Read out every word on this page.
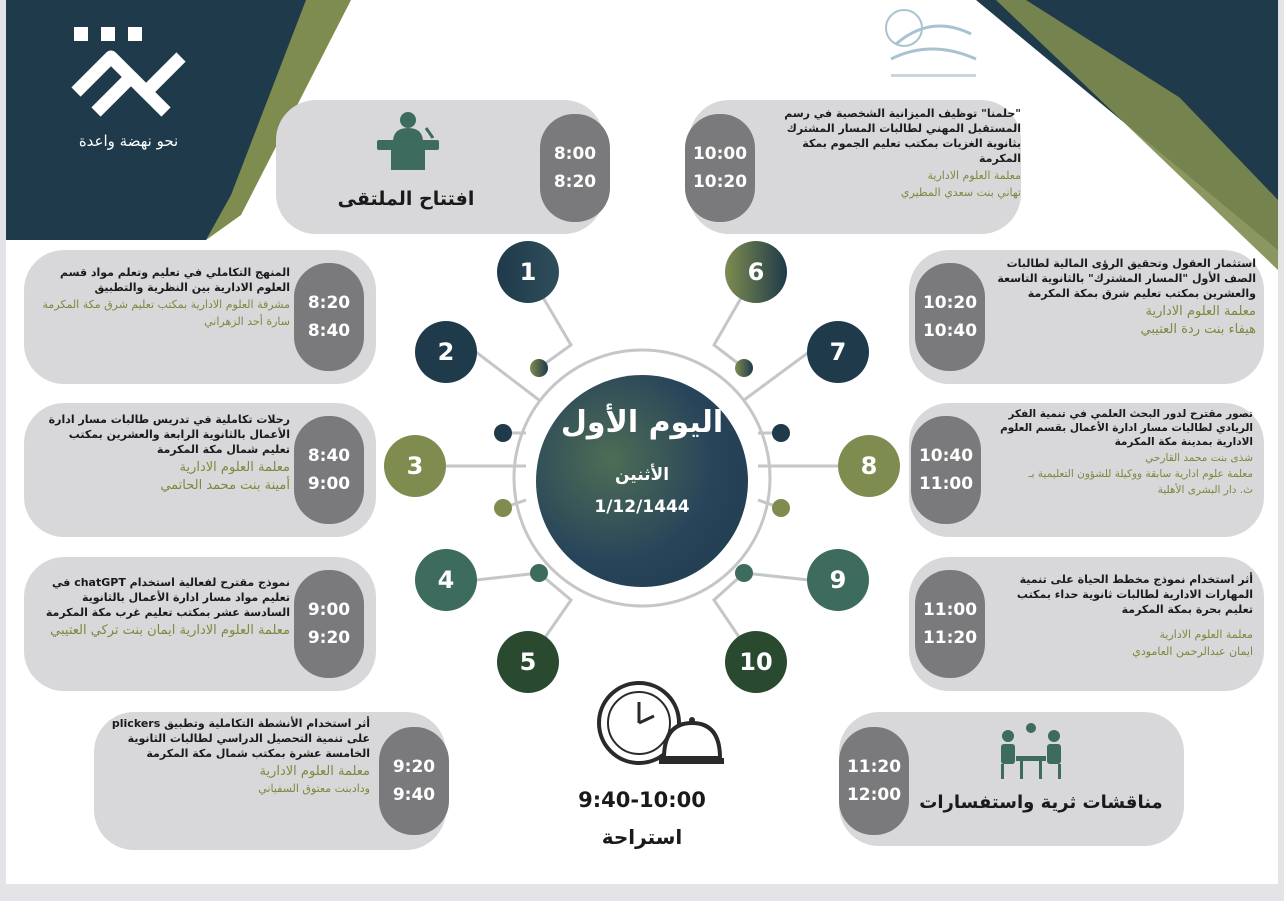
نحو نهضة واعدة
اليوم الأول
الأثنين
1/12/1444
1
2
3
4
5
6
7
8
9
10
افتتاح الملتقى
8:00
8:20
المنهج التكاملي في تعليم وتعلم مواد قسم العلوم الادارية بين النظرية والتطبيق
مشرفة العلوم الادارية بمكتب تعليم شرق مكة المكرمة
سارة أحد الزهراني
8:20
8:40
رحلات تكاملية في تدريس طالبات مسار ادارة الأعمال بالثانوية الرابعة والعشرين بمكتب تعليم شمال مكة المكرمة
معلمة العلوم الادارية
أمينة بنت محمد الحاتمي
8:40
9:00
نموذج مقترح لفعالية استخدام chatGPT في تعليم مواد مسار ادارة الأعمال بالثانوية السادسة عشر بمكتب تعليم غرب مكة المكرمة
معلمة العلوم الادارية ايمان بنت تركي العتيبي
9:00
9:20
أثر استخدام الأنشطة التكاملية وتطبيق plickers على تنمية التحصيل الدراسي لطالبات الثانوية الخامسة عشرة بمكتب شمال مكة المكرمة
معلمة العلوم الادارية
ودادبنت معتوق السفياني
9:20
9:40
"حلمنا" توظيف الميزانية الشخصية في رسم المستقبل المهني لطالبات المسار المشترك بثانوية الغزيات بمكتب تعليم الجموم بمكة المكرمة
معلمة العلوم الادارية
تهاني بنت سعدي المطيري
10:00
10:20
استثمار العقول وتحقيق الرؤى المالية لطالبات الصف الأول "المسار المشترك" بالثانوية التاسعة والعشرين بمكتب تعليم شرق بمكة المكرمة
معلمة العلوم الادارية
هيفاء بنت ردة العتيبي
10:20
10:40
تصور مقترح لدور البحث العلمي في تنمية الفكر الريادي لطالبات مسار ادارة الأعمال بقسم العلوم الادارية بمدينة مكة المكرمة
شذى بنت محمد القارحي
معلمة علوم ادارية سابقة ووكيلة للشؤون التعليمية بـ
ث. دار البشرى الأهلية
10:40
11:00
أثر استخدام نموذج مخطط الحياة على تنمية المهارات الادارية لطالبات ثانوية حداء بمكتب تعليم بحرة بمكة المكرمة
معلمة العلوم الادارية
ايمان عبدالرحمن العامودي
11:00
11:20
مناقشات ثرية واستفسارات
11:20
12:00
9:40-10:00
استراحة
